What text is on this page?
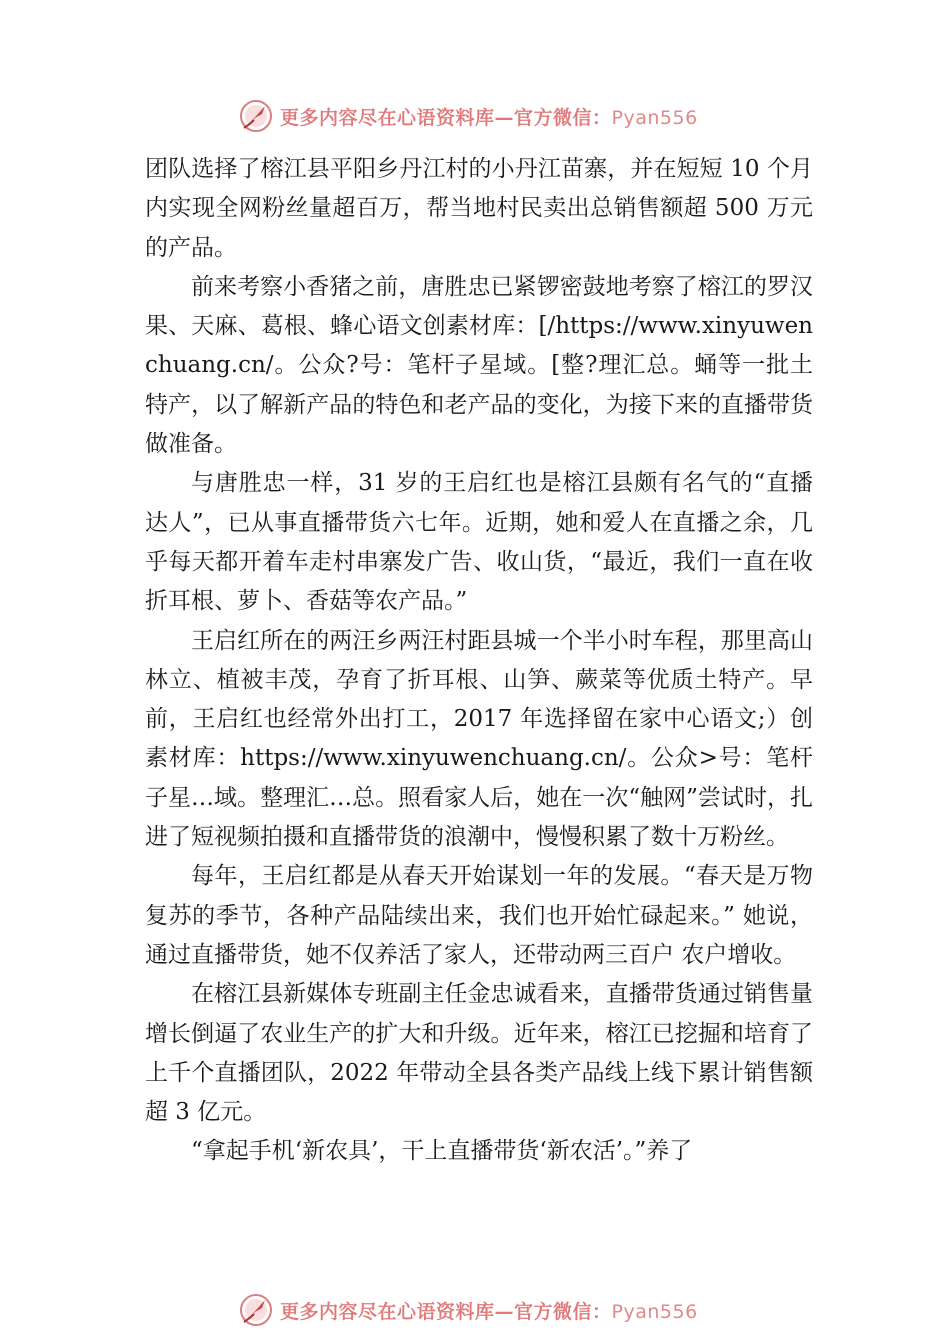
更多内容尽在心语资料库—官方微信：Pyan556

团队选择了榕江县平阳乡丹江村的小丹江苗寨，并在短短 10 个月内实现全网粉丝量超百万，帮当地村民卖出总销售额超 500 万元的产品。

前来考察小香猪之前，唐胜忠已紧锣密鼓地考察了榕江的罗汉果、天麻、葛根、蜂心语文创素材库：[/https://www.xinyuwenchuang.cn/。公众?号：笔杆子星域。[整?理汇总。蛹等一批土特产，以了解新产品的特色和老产品的变化，为接下来的直播带货做准备。

与唐胜忠一样，31 岁的王启红也是榕江县颇有名气的“直播达人”，已从事直播带货六七年。近期，她和爱人在直播之余，几乎每天都开着车走村串寨发广告、收山货，“最近，我们一直在收折耳根、萝卜、香菇等农产品。”

王启红所在的两汪乡两汪村距县城一个半小时车程，那里高山林立、植被丰茂，孕育了折耳根、山笋、蕨菜等优质土特产。早前，王启红也经常外出打工，2017 年选择留在家中心语文;）创素材库：https://www.xinyuwenchuang.cn/。公众>号：笔杆子星…域。整理汇…总。照看家人后，她在一次“触网”尝试时，扎进了短视频拍摄和直播带货的浪潮中，慢慢积累了数十万粉丝。

每年，王启红都是从春天开始谋划一年的发展。“春天是万物复苏的季节，各种产品陆续出来，我们也开始忙碌起来。” 她说，通过直播带货，她不仅养活了家人，还带动两三百户 农户增收。

在榕江县新媒体专班副主任金忠诚看来，直播带货通过销售量增长倒逼了农业生产的扩大和升级。近年来，榕江已挖掘和培育了上千个直播团队，2022 年带动全县各类产品线上线下累计销售额超 3 亿元。

“拿起手机‘新农具’，干上直播带货‘新农活’。”养了

更多内容尽在心语资料库—官方微信：Pyan556
